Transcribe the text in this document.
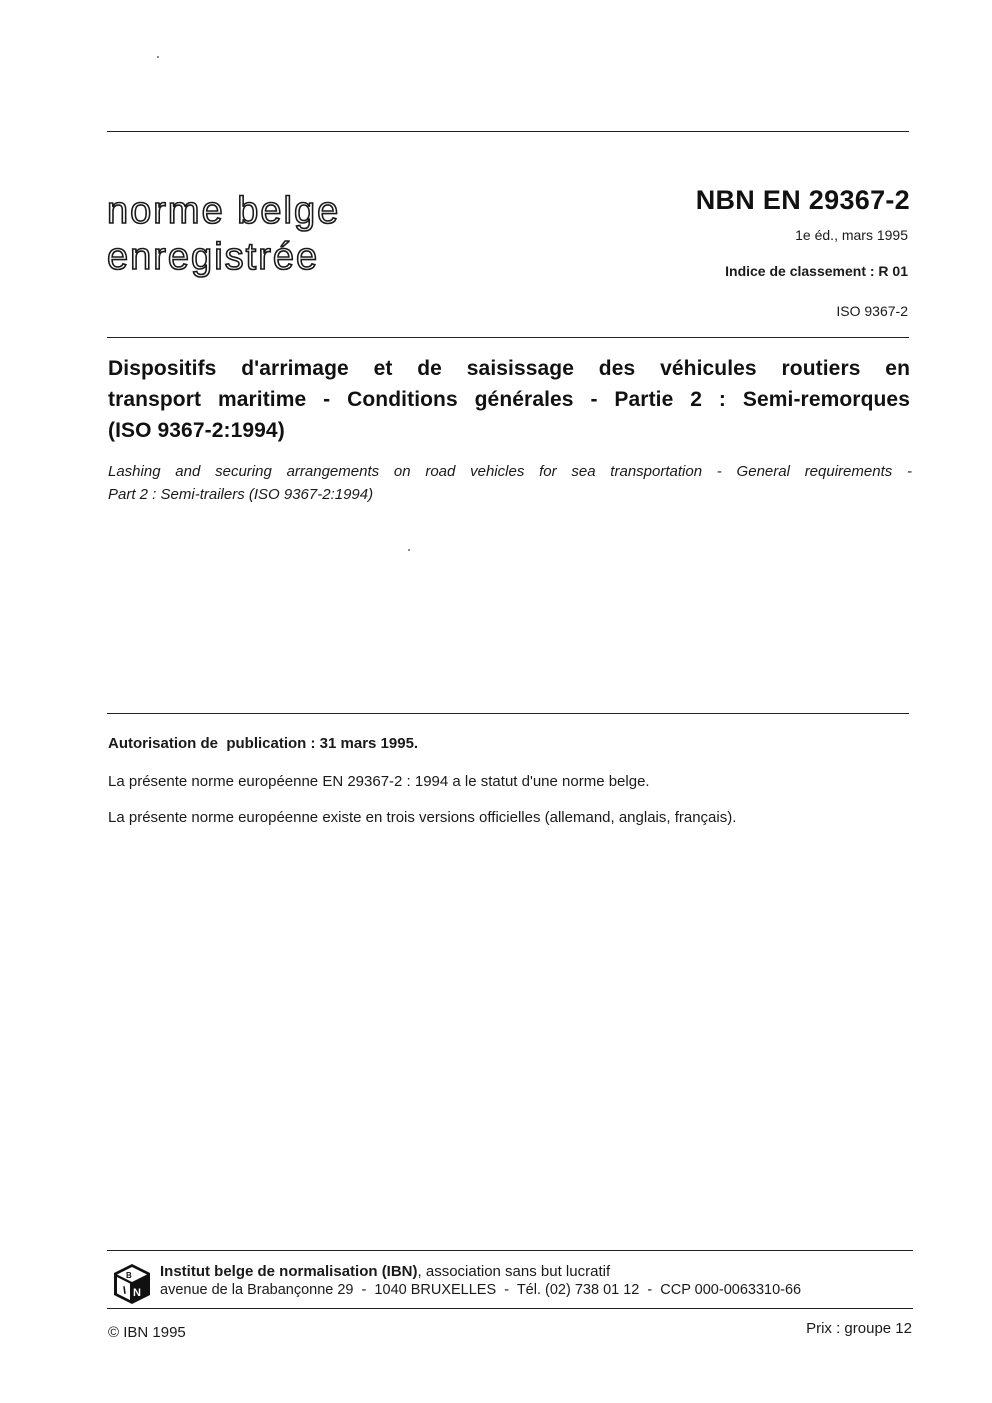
norme belge
enregistrée
NBN EN 29367-2
1e éd., mars 1995
Indice de classement : R 01
ISO 9367-2
Dispositifs d'arrimage et de saisissage des véhicules routiers en
transport maritime - Conditions générales - Partie 2 : Semi-remorques
(ISO 9367-2:1994)
Lashing and securing arrangements on road vehicles for sea transportation - General requirements -
Part 2 : Semi-trailers (ISO 9367-2:1994)
Autorisation de  publication : 31 mars 1995.
La présente norme européenne EN 29367-2 : 1994 a le statut d'une norme belge.
La présente norme européenne existe en trois versions officielles (allemand, anglais, français).
I N
B Institut belge de normalisation (IBN), association sans but lucratif
avenue de la Brabançonne 29  -  1040 BRUXELLES  -  Tél. (02) 738 01 12  -  CCP 000-0063310-66
© IBN 1995	Prix : groupe 12
